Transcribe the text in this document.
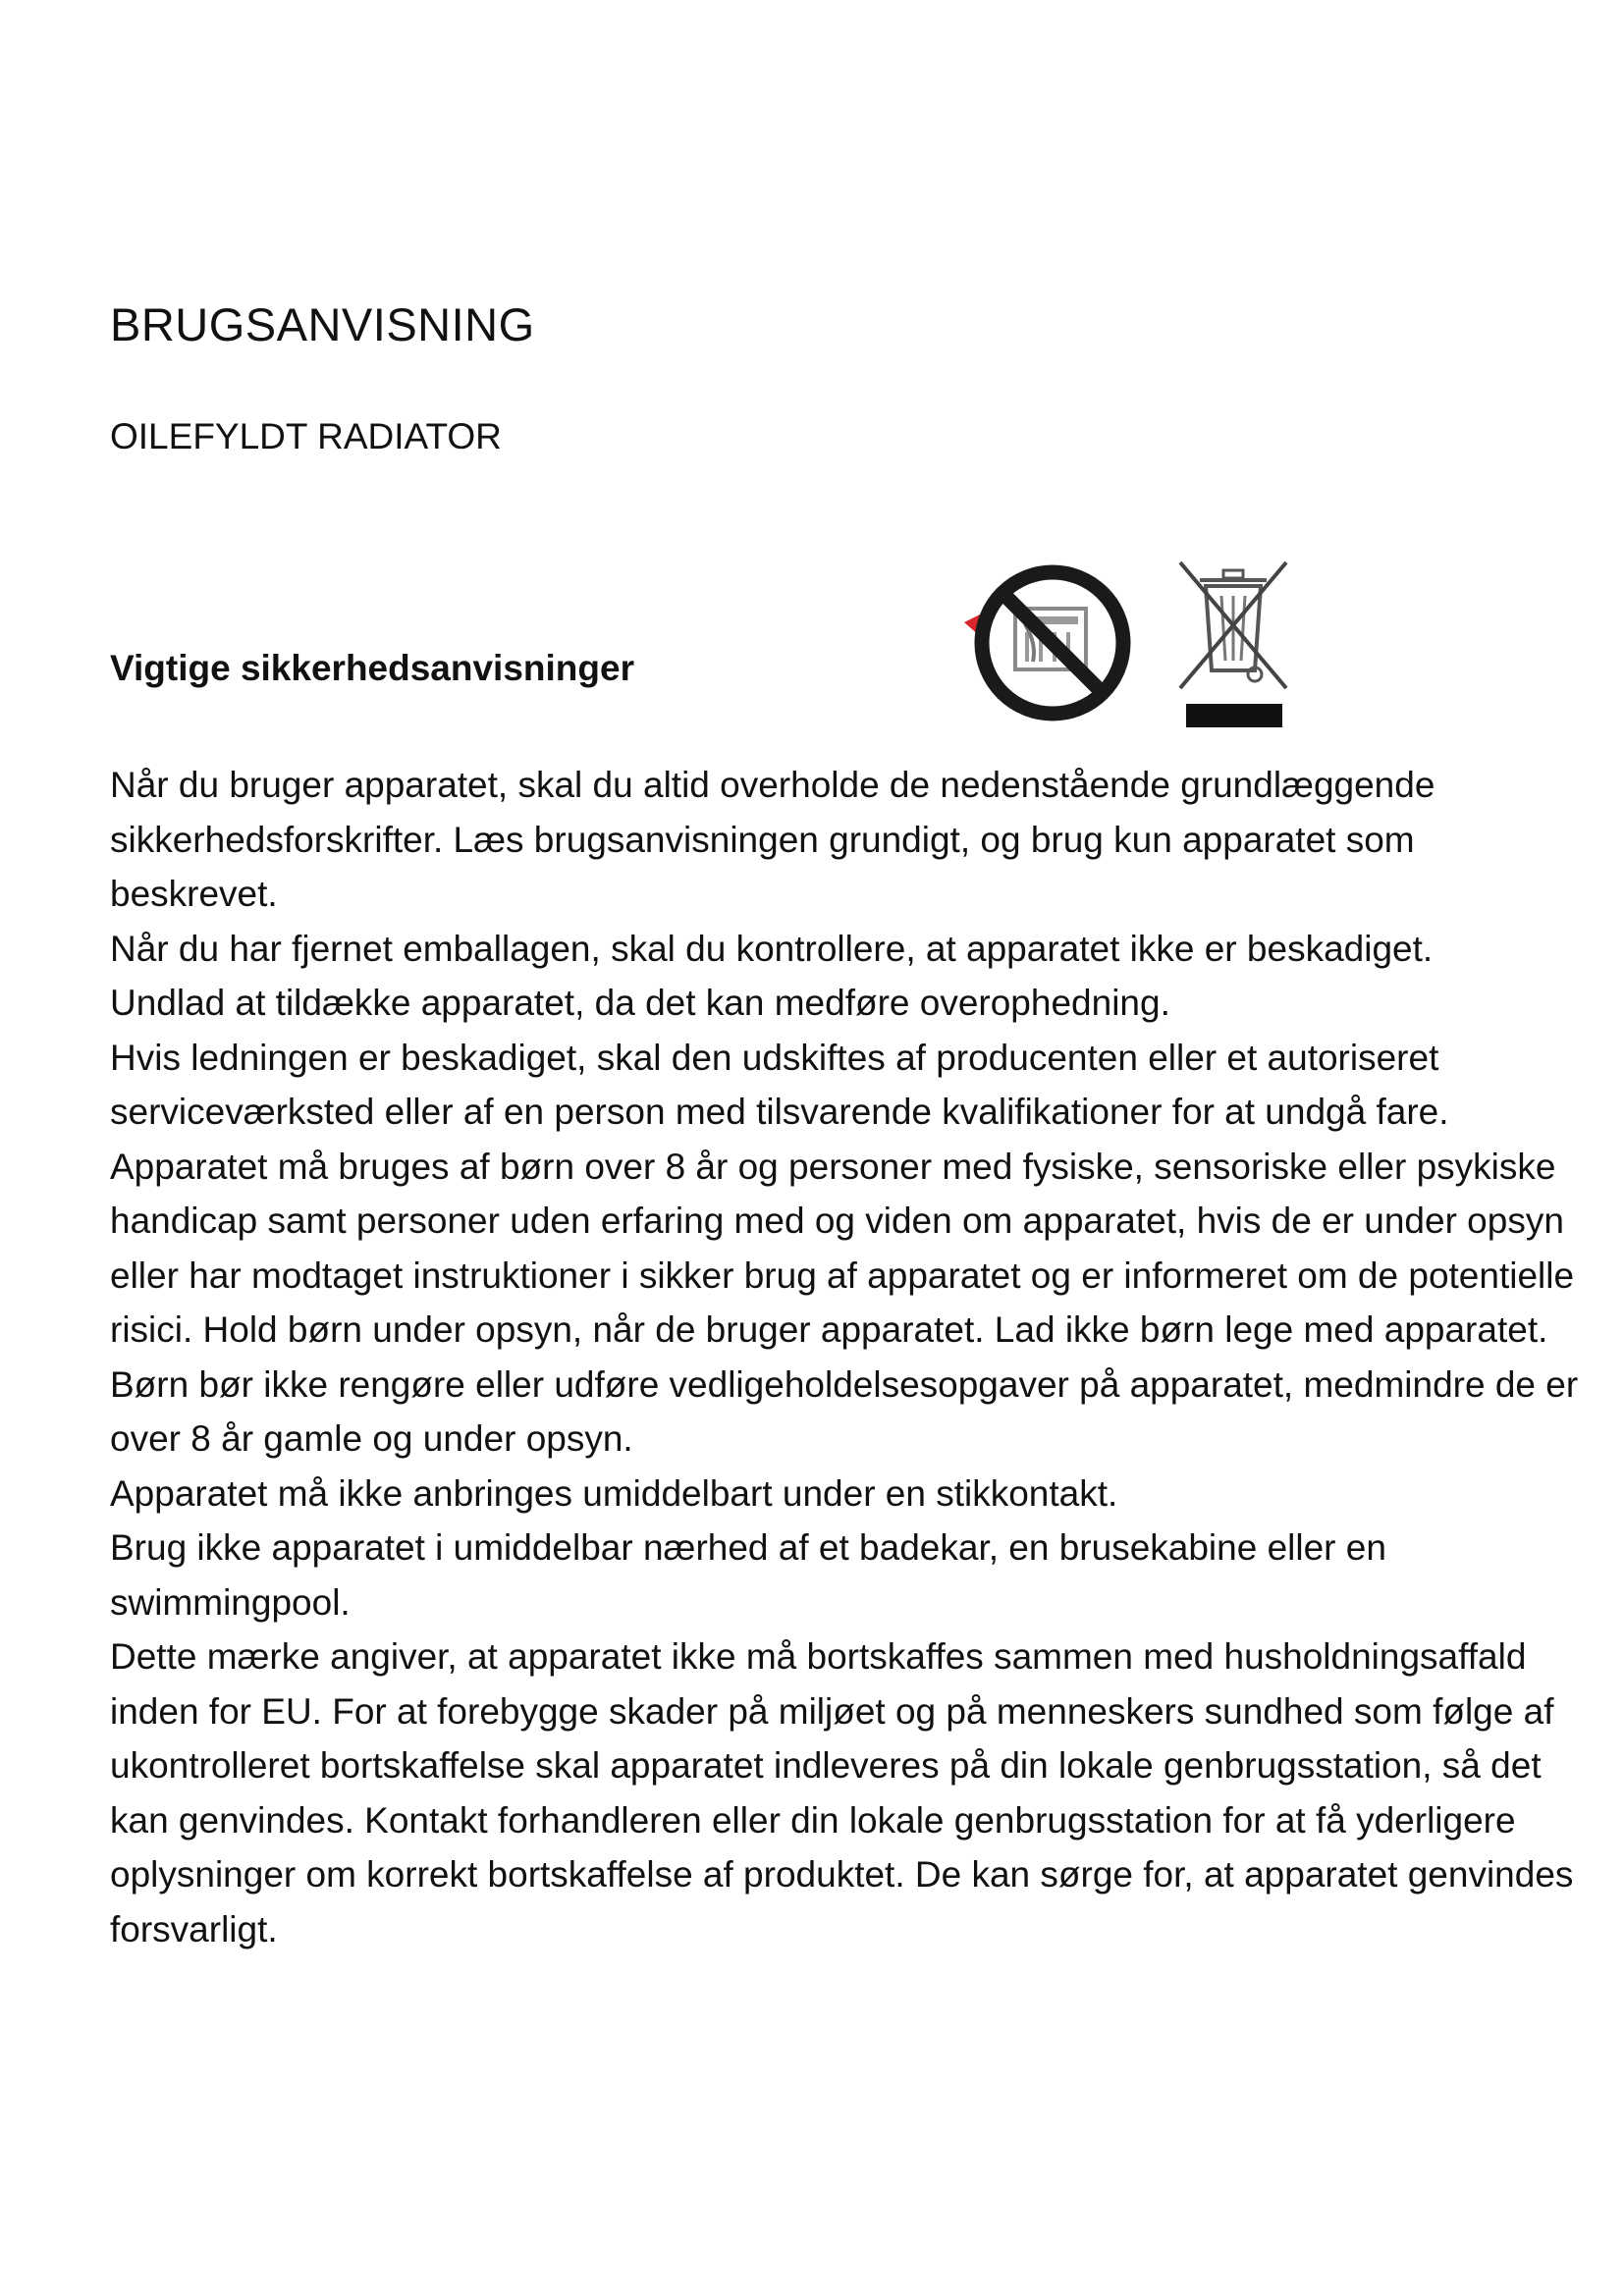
BRUGSANVISNING
OILEFYLDT RADIATOR
Vigtige sikkerhedsanvisninger

Når du bruger apparatet, skal du altid overholde de nedenstående grundlæggende sikkerhedsforskrifter. Læs brugsanvisningen grundigt, og brug kun apparatet som beskrevet.

Når du har fjernet emballagen, skal du kontrollere, at apparatet ikke er beskadiget.

Undlad at tildække apparatet, da det kan medføre overophedning.

Hvis ledningen er beskadiget, skal den udskiftes af producenten eller et autoriseret serviceværksted eller af en person med tilsvarende kvalifikationer for at undgå fare.

Apparatet må bruges af børn over 8 år og personer med fysiske, sensoriske eller psykiske handicap samt personer uden erfaring med og viden om apparatet, hvis de er under opsyn eller har modtaget instruktioner i sikker brug af apparatet og er informeret om de potentielle risici. Hold børn under opsyn, når de bruger apparatet. Lad ikke børn lege med apparatet.

Børn bør ikke rengøre eller udføre vedligeholdelsesopgaver på apparatet, medmindre de er over 8 år gamle og under opsyn.

Apparatet må ikke anbringes umiddelbart under en stikkontakt.

Brug ikke apparatet i umiddelbar nærhed af et badekar, en brusekabine eller en swimmingpool.

Dette mærke angiver, at apparatet ikke må bortskaffes sammen med husholdningsaffald inden for EU. For at forebygge skader på miljøet og på menneskers sundhed som følge af ukontrolleret bortskaffelse skal apparatet indleveres på din lokale genbrugsstation, så det kan genvindes. Kontakt forhandleren eller din lokale genbrugsstation for at få yderligere oplysninger om korrekt bortskaffelse af produktet. De kan sørge for, at apparatet genvindes forsvarligt.
